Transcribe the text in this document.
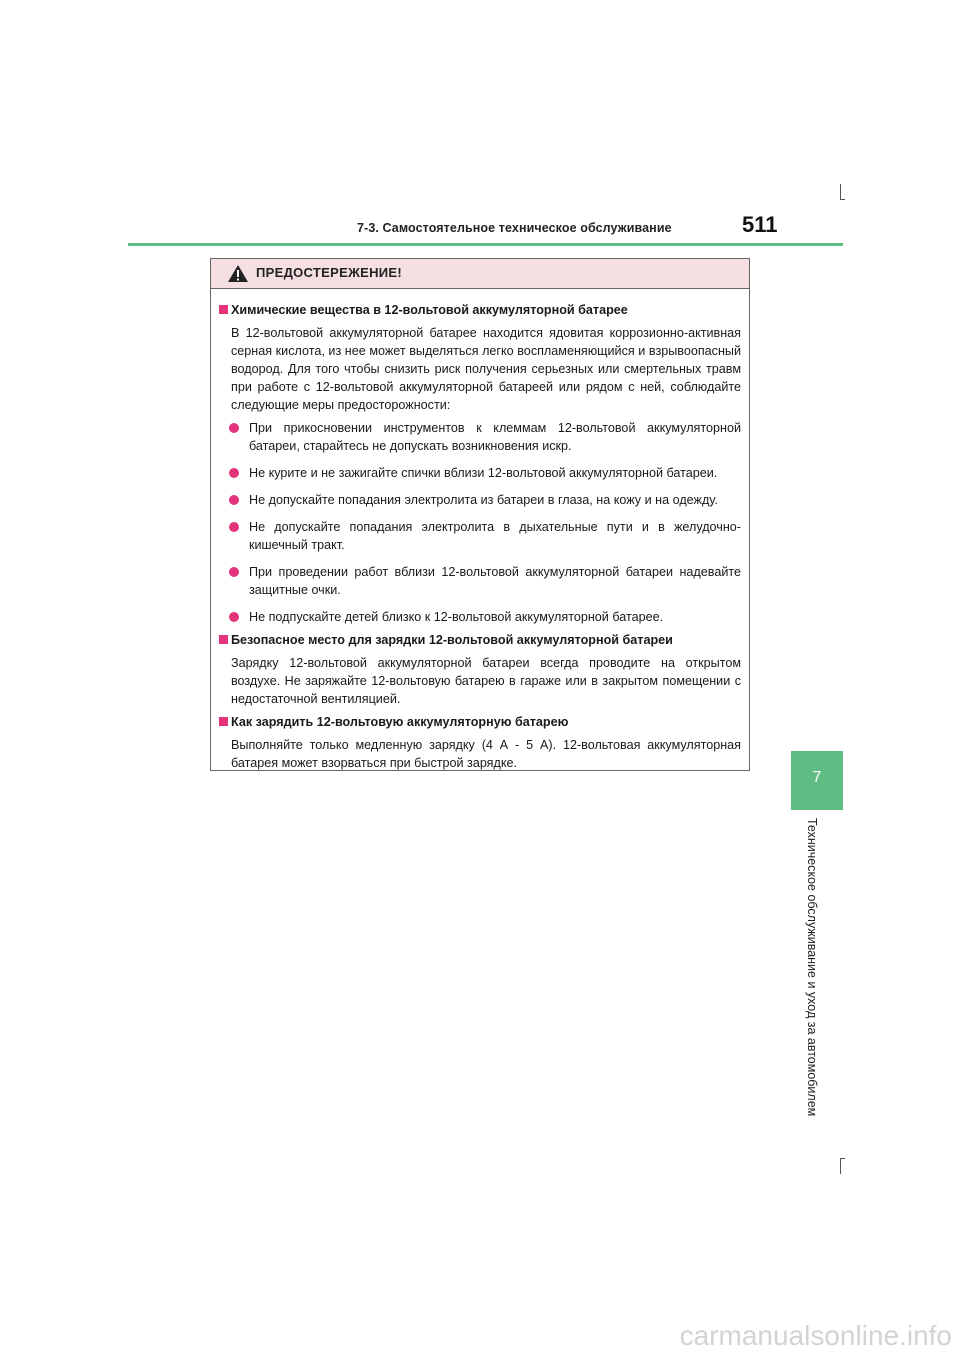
7-3. Самостоятельное техническое обслуживание	511
7
Техническое обслуживание и уход за автомобилем
ПРЕДОСТЕРЕЖЕНИЕ!
Химические вещества в 12-вольтовой аккумуляторной батарее
В 12-вольтовой аккумуляторной батарее находится ядовитая коррозионно-активная серная кислота, из нее может выделяться легко воспламеняющийся и взрывоопасный водород. Для того чтобы снизить риск получения серьезных или смертельных травм при работе с 12-вольтовой аккумуляторной батареей или рядом с ней, соблюдайте следующие меры предосторожности:
При прикосновении инструментов к клеммам 12-вольтовой аккумуляторной батареи, старайтесь не допускать возникновения искр.
Не курите и не зажигайте спички вблизи 12-вольтовой аккумуляторной батареи.
Не допускайте попадания электролита из батареи в глаза, на кожу и на одежду.
Не допускайте попадания электролита в дыхательные пути и в желудочно-кишечный тракт.
При проведении работ вблизи 12-вольтовой аккумуляторной батареи надевайте защитные очки.
Не подпускайте детей близко к 12-вольтовой аккумуляторной батарее.
Безопасное место для зарядки 12-вольтовой аккумуляторной батареи
Зарядку 12-вольтовой аккумуляторной батареи всегда проводите на открытом воздухе. Не заряжайте 12-вольтовую батарею в гараже или в закрытом помещении с недостаточной вентиляцией.
Как зарядить 12-вольтовую аккумуляторную батарею
Выполняйте только медленную зарядку (4 А - 5 А). 12-вольтовая аккумуляторная батарея может взорваться при быстрой зарядке.
carmanualsonline.info
